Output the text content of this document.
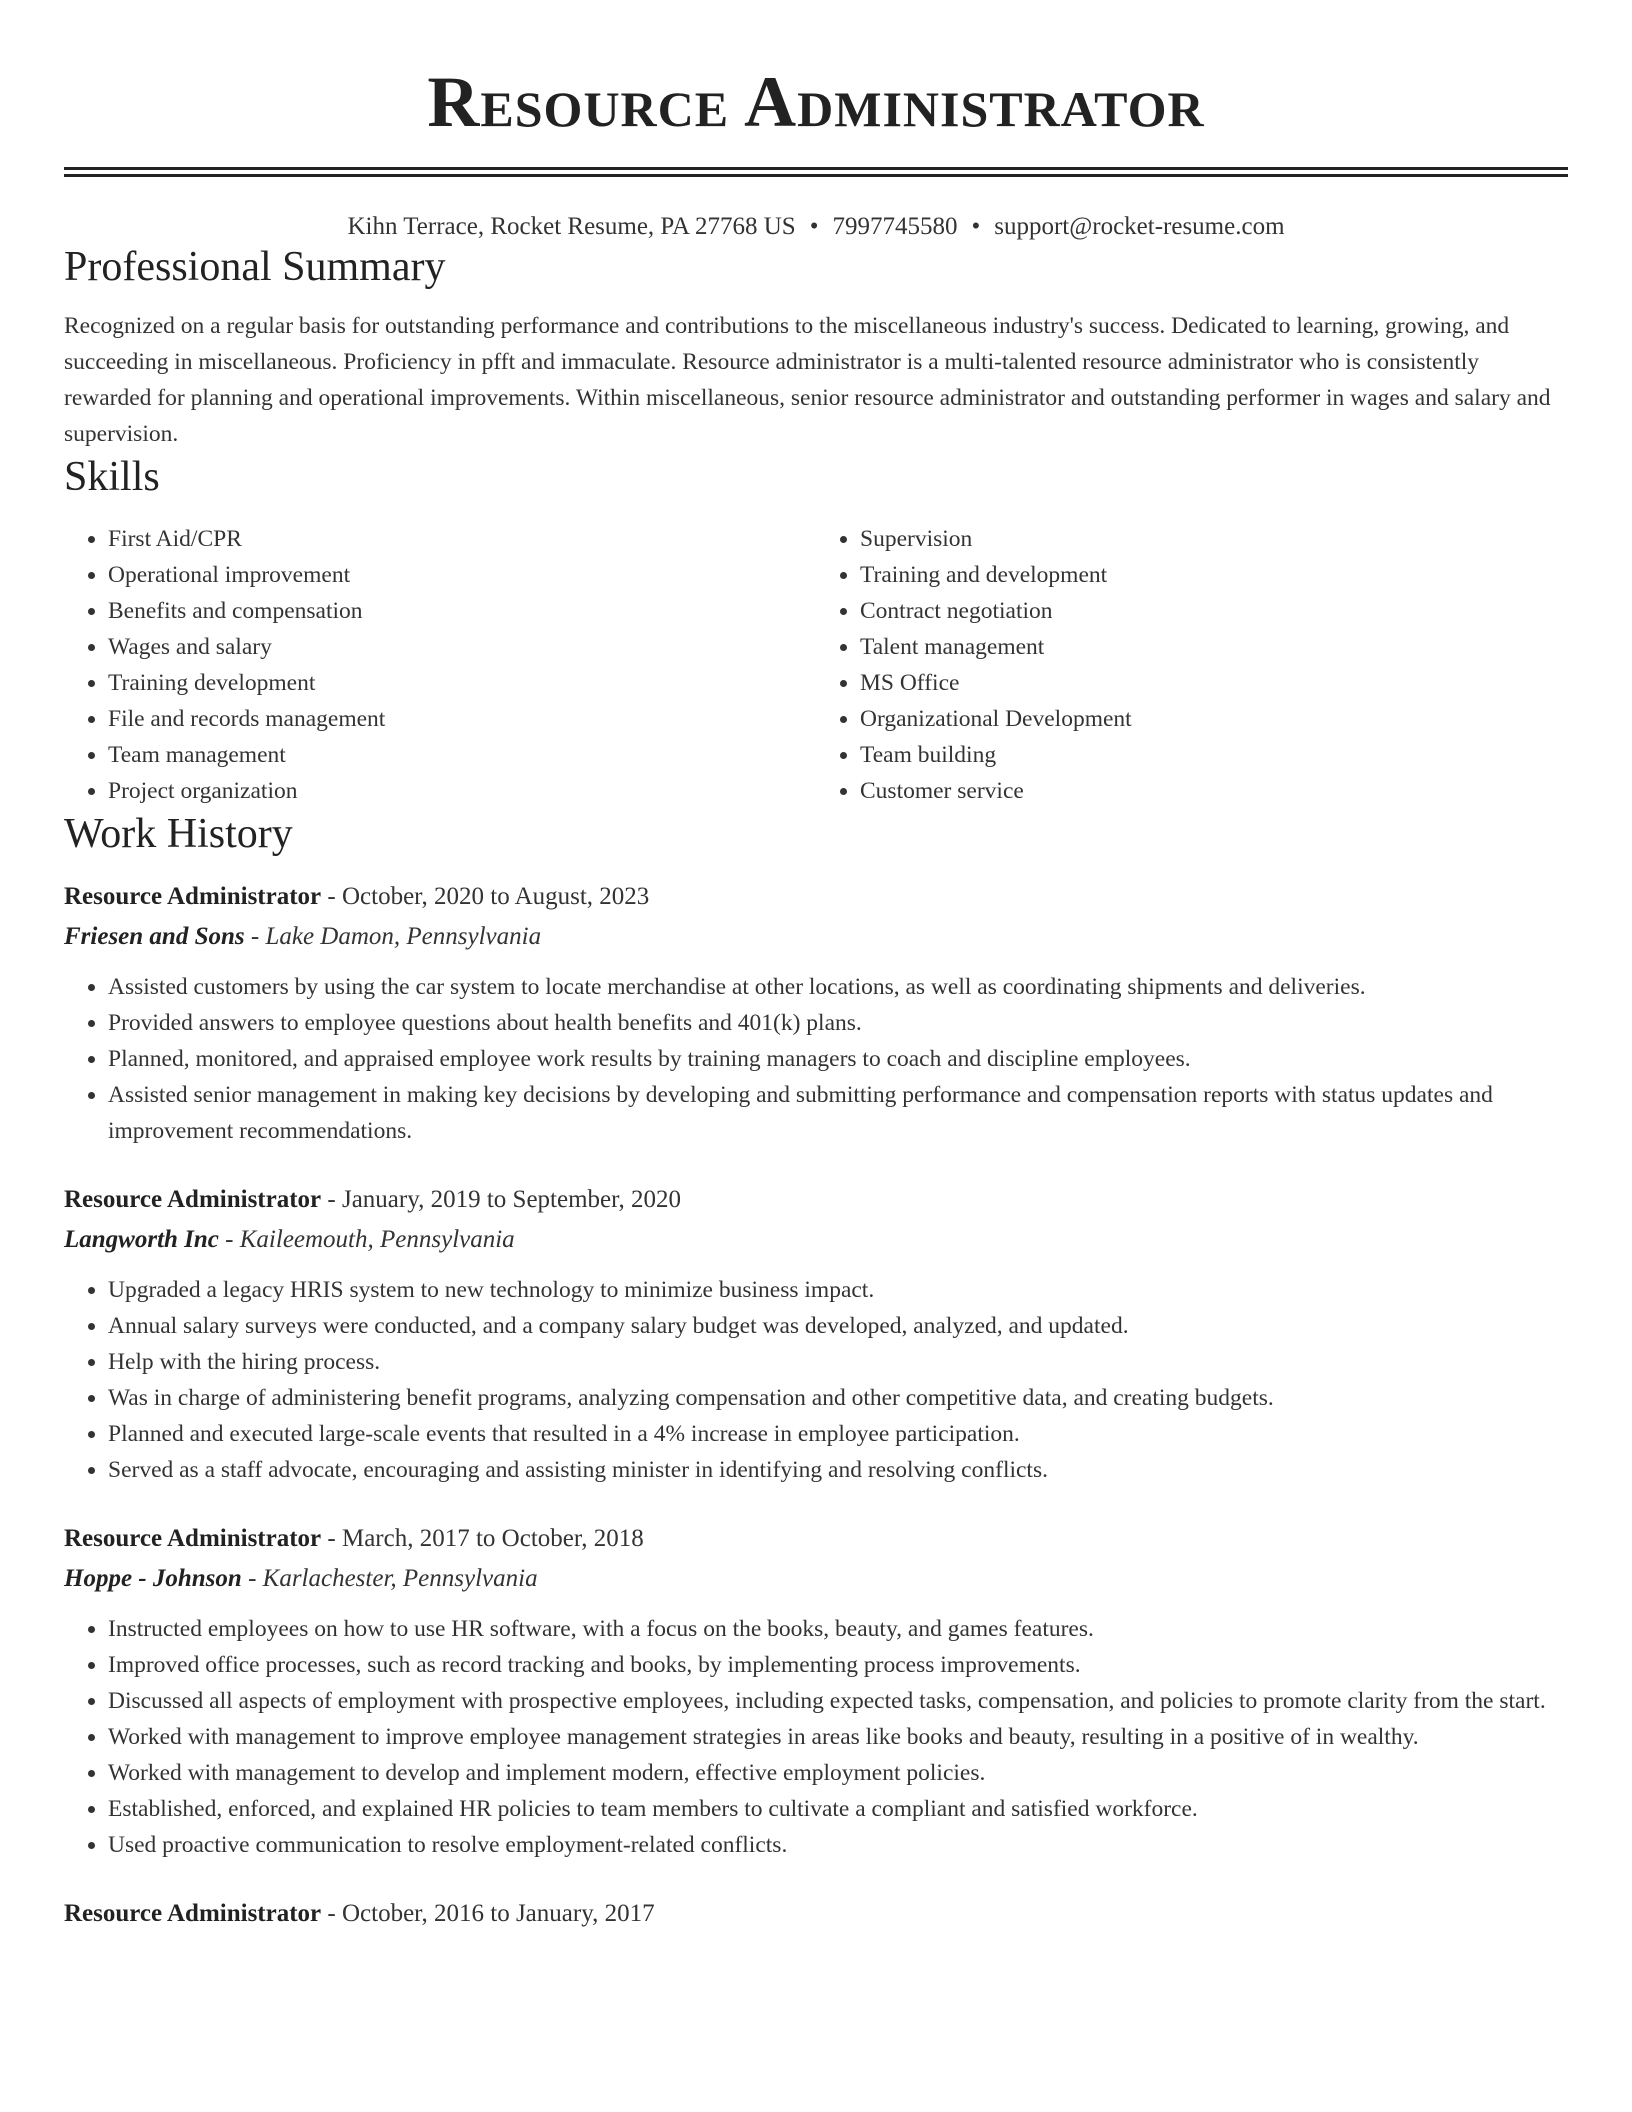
Resource Administrator
Kihn Terrace, Rocket Resume, PA 27768 US • 7997745580 • support@rocket-resume.com
Professional Summary

Recognized on a regular basis for outstanding performance and contributions to the miscellaneous industry's success. Dedicated to learning, growing, and succeeding in miscellaneous. Proficiency in pfft and immaculate. Resource administrator is a multi-talented resource administrator who is consistently rewarded for planning and operational improvements. Within miscellaneous, senior resource administrator and outstanding performer in wages and salary and supervision.

Skills
• First Aid/CPR
• Operational improvement
• Benefits and compensation
• Wages and salary
• Training development
• File and records management
• Team management
• Project organization
• Supervision
• Training and development
• Contract negotiation
• Talent management
• MS Office
• Organizational Development
• Team building
• Customer service
Work History
Resource Administrator - October, 2020 to August, 2023
Friesen and Sons - Lake Damon, Pennsylvania
• Assisted customers by using the car system to locate merchandise at other locations, as well as coordinating shipments and deliveries.
• Provided answers to employee questions about health benefits and 401(k) plans.
• Planned, monitored, and appraised employee work results by training managers to coach and discipline employees.
• Assisted senior management in making key decisions by developing and submitting performance and compensation reports with status updates and improvement recommendations.
Resource Administrator - January, 2019 to September, 2020
Langworth Inc - Kaileemouth, Pennsylvania
• Upgraded a legacy HRIS system to new technology to minimize business impact.
• Annual salary surveys were conducted, and a company salary budget was developed, analyzed, and updated.
• Help with the hiring process.
• Was in charge of administering benefit programs, analyzing compensation and other competitive data, and creating budgets.
• Planned and executed large-scale events that resulted in a 4% increase in employee participation.
• Served as a staff advocate, encouraging and assisting minister in identifying and resolving conflicts.
Resource Administrator - March, 2017 to October, 2018
Hoppe - Johnson - Karlachester, Pennsylvania
• Instructed employees on how to use HR software, with a focus on the books, beauty, and games features.
• Improved office processes, such as record tracking and books, by implementing process improvements.
• Discussed all aspects of employment with prospective employees, including expected tasks, compensation, and policies to promote clarity from the start.
• Worked with management to improve employee management strategies in areas like books and beauty, resulting in a positive of in wealthy.
• Worked with management to develop and implement modern, effective employment policies.
• Established, enforced, and explained HR policies to team members to cultivate a compliant and satisfied workforce.
• Used proactive communication to resolve employment-related conflicts.
Resource Administrator - October, 2016 to January, 2017
